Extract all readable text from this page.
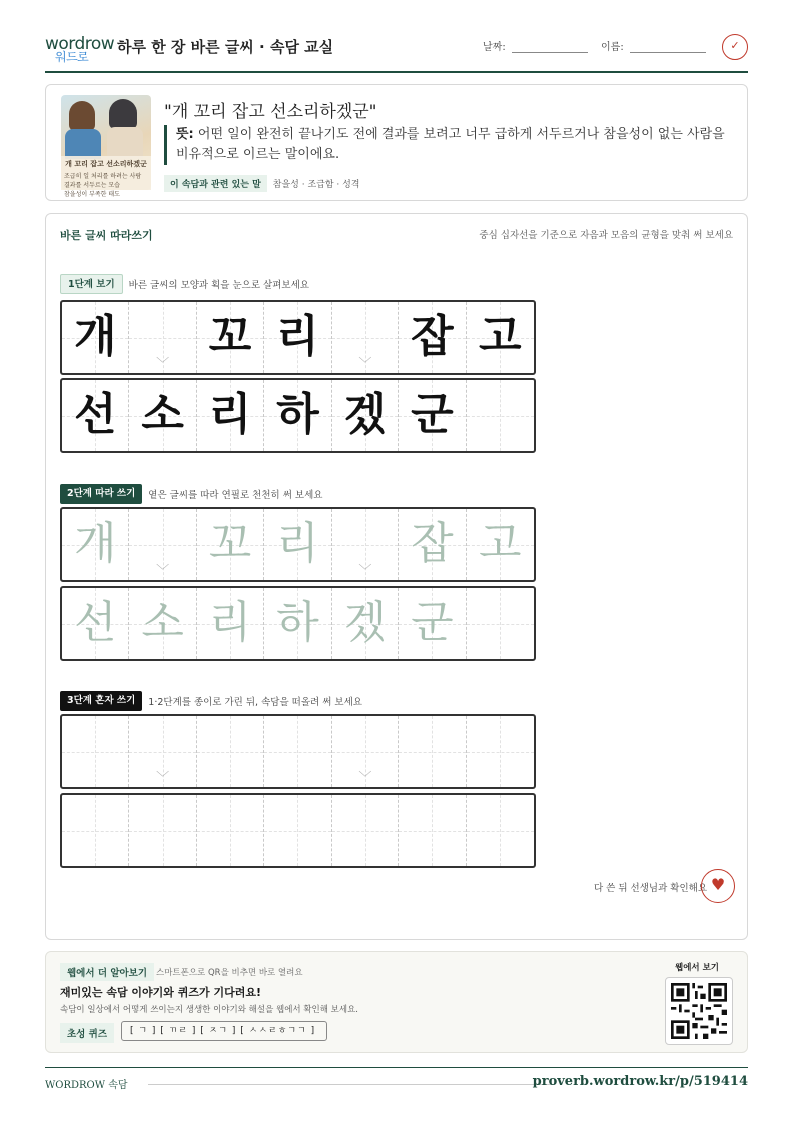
wordrow
워드로
하루 한 장 바른 글씨 · 속담 교실	날짜:	이름:	✓
개 꼬리 잡고 선소리하겠군
조급히 일 처리를 하려는 사람
결과를 서두르는 모습
참을성이 부족한 태도
"개 꼬리 잡고 선소리하겠군"
뜻: 어떤 일이 완전히 끝나기도 전에 결과를 보려고 너무 급하게 서두르거나 참을성이 없는 사람을 비유적으로 이르는 말이에요.
이 속담과 관련 있는 말 참을성 · 조급함 · 성격
바른 글씨 따라쓰기	중심 십자선을 기준으로 자음과 모음의 균형을 맞춰 써 보세요
1단계 보기 바른 글씨의 모양과 획을 눈으로 살펴보세요
개
﹀
꼬 리
﹀
잡 고
선 소 리 하 겠 군
2단계 따라 쓰기 옅은 글씨를 따라 연필로 천천히 써 보세요
개
﹀
꼬 리
﹀
잡 고
선 소 리 하 겠 군
3단계 혼자 쓰기 1·2단계를 종이로 가린 뒤, 속담을 떠올려 써 보세요
﹀	﹀
다 쓴 뒤 선생님과 확인해요 ♥
웹에서 더 알아보기	스마트폰으로 QR을 비추면 바로 열려요
재미있는 속담 이야기와 퀴즈가 기다려요!
속담이 일상에서 어떻게 쓰이는지 생생한 이야기와 해설을 웹에서 확인해 보세요.
초성 퀴즈	[ ㄱ ] [ ㄲㄹ ] [ ㅈㄱ ] [ ㅅㅅㄹㅎㄱㄱ ]
웹에서 보기
WORDROW 속담	proverb.wordrow.kr/p/519414
